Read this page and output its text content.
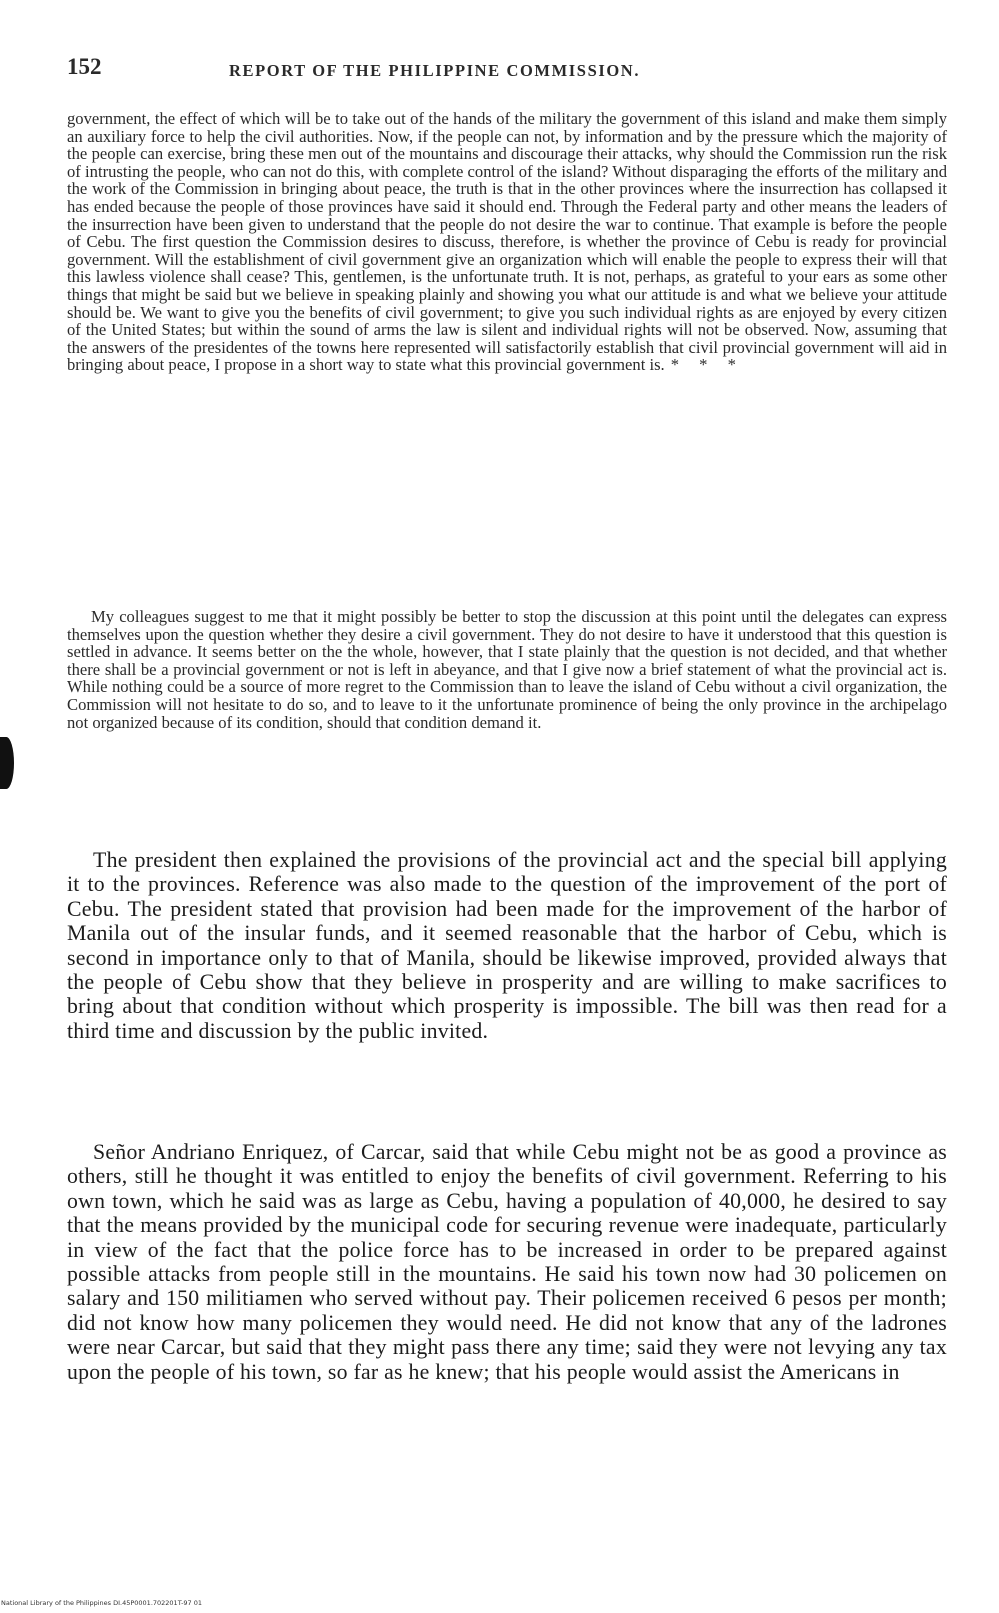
152	REPORT OF THE PHILIPPINE COMMISSION.
government, the effect of which will be to take out of the hands of the military the government of this island and make them simply an auxiliary force to help the civil authorities. Now, if the people can not, by information and by the pressure which the majority of the people can exercise, bring these men out of the mountains and discourage their attacks, why should the Commission run the risk of intrusting the people, who can not do this, with complete control of the island? Without disparaging the efforts of the military and the work of the Commission in bringing about peace, the truth is that in the other provinces where the insurrection has collapsed it has ended because the people of those provinces have said it should end. Through the Federal party and other means the leaders of the insurrection have been given to understand that the people do not desire the war to continue. That example is before the people of Cebu. The first question the Commission desires to discuss, therefore, is whether the province of Cebu is ready for provincial government. Will the establishment of civil government give an organization which will enable the people to express their will that this lawless violence shall cease? This, gentlemen, is the unfortunate truth. It is not, perhaps, as grateful to your ears as some other things that might be said but we believe in speaking plainly and showing you what our attitude is and what we believe your attitude should be. We want to give you the benefits of civil government; to give you such individual rights as are enjoyed by every citizen of the United States; but within the sound of arms the law is silent and individual rights will not be observed. Now, assuming that the answers of the presidentes of the towns here represented will satisfactorily establish that civil provincial government will aid in bringing about peace, I propose in a short way to state what this provincial government is. * * *
My colleagues suggest to me that it might possibly be better to stop the discussion at this point until the delegates can express themselves upon the question whether they desire a civil government. They do not desire to have it understood that this question is settled in advance. It seems better on the the whole, however, that I state plainly that the question is not decided, and that whether there shall be a provincial government or not is left in abeyance, and that I give now a brief statement of what the provincial act is. While nothing could be a source of more regret to the Commission than to leave the island of Cebu without a civil organization, the Commission will not hesitate to do so, and to leave to it the unfortunate prominence of being the only province in the archipelago not organized because of its condition, should that condition demand it.
The president then explained the provisions of the provincial act and the special bill applying it to the provinces. Reference was also made to the question of the improvement of the port of Cebu. The president stated that provision had been made for the improvement of the harbor of Manila out of the insular funds, and it seemed reasonable that the harbor of Cebu, which is second in importance only to that of Manila, should be likewise improved, provided always that the people of Cebu show that they believe in prosperity and are willing to make sacrifices to bring about that condition without which prosperity is impossible. The bill was then read for a third time and discussion by the public invited.
Señor Andriano Enriquez, of Carcar, said that while Cebu might not be as good a province as others, still he thought it was entitled to enjoy the benefits of civil government. Referring to his own town, which he said was as large as Cebu, having a population of 40,000, he desired to say that the means provided by the municipal code for securing revenue were inadequate, particularly in view of the fact that the police force has to be increased in order to be prepared against possible attacks from people still in the mountains. He said his town now had 30 policemen on salary and 150 militiamen who served without pay. Their policemen received 6 pesos per month; did not know how many policemen they would need. He did not know that any of the ladrones were near Carcar, but said that they might pass there any time; said they were not levying any tax upon the people of his town, so far as he knew; that his people would assist the Americans in
National Library of the Philippines DI.45P0001.702201T-97 01
